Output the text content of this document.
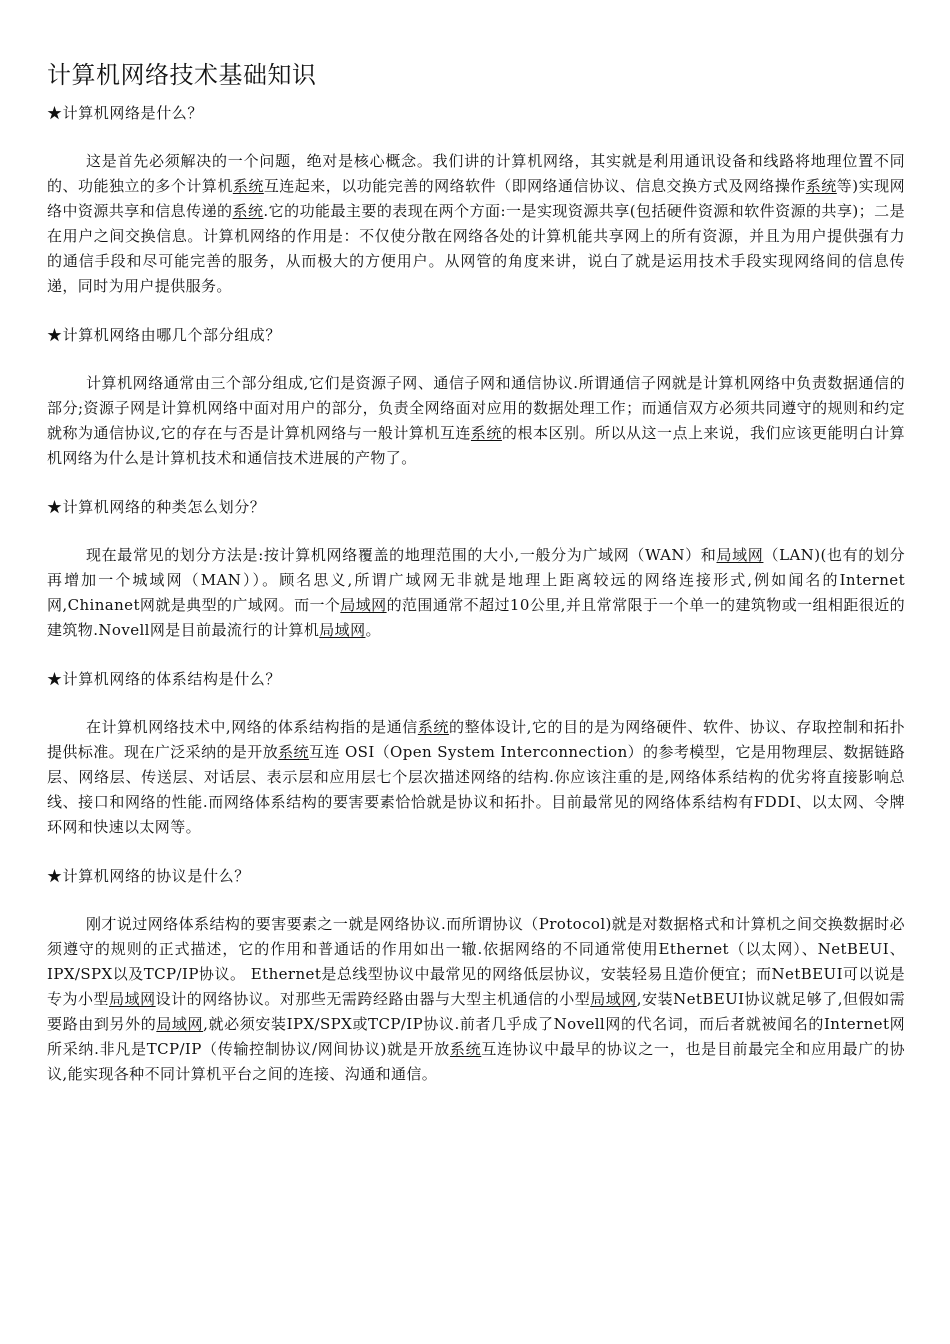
计算机网络技术基础知识

★计算机网络是什么？

这是首先必须解决的一个问题，绝对是核心概念。我们讲的计算机网络，其实就是利用通讯设备和线路将地理位置不同的、功能独立的多个计算机系统互连起来，以功能完善的网络软件（即网络通信协议、信息交换方式及网络操作系统等)实现网络中资源共享和信息传递的系统.它的功能最主要的表现在两个方面:一是实现资源共享(包括硬件资源和软件资源的共享)；二是在用户之间交换信息。计算机网络的作用是：不仅使分散在网络各处的计算机能共享网上的所有资源，并且为用户提供强有力的通信手段和尽可能完善的服务，从而极大的方便用户。从网管的角度来讲，说白了就是运用技术手段实现网络间的信息传递，同时为用户提供服务。

★计算机网络由哪几个部分组成？

计算机网络通常由三个部分组成,它们是资源子网、通信子网和通信协议.所谓通信子网就是计算机网络中负责数据通信的部分;资源子网是计算机网络中面对用户的部分，负责全网络面对应用的数据处理工作；而通信双方必须共同遵守的规则和约定就称为通信协议,它的存在与否是计算机网络与一般计算机互连系统的根本区别。所以从这一点上来说，我们应该更能明白计算机网络为什么是计算机技术和通信技术进展的产物了。

★计算机网络的种类怎么划分？

现在最常见的划分方法是:按计算机网络覆盖的地理范围的大小,一般分为广域网（WAN）和局域网（LAN)(也有的划分再增加一个城域网（MAN））。顾名思义,所谓广域网无非就是地理上距离较远的网络连接形式,例如闻名的Internet网,Chinanet网就是典型的广域网。而一个局域网的范围通常不超过10公里,并且常常限于一个单一的建筑物或一组相距很近的建筑物.Novell网是目前最流行的计算机局域网。

★计算机网络的体系结构是什么？

在计算机网络技术中,网络的体系结构指的是通信系统的整体设计,它的目的是为网络硬件、软件、协议、存取控制和拓扑提供标准。现在广泛采纳的是开放系统互连 OSI（Open System Interconnection）的参考模型，它是用物理层、数据链路层、网络层、传送层、对话层、表示层和应用层七个层次描述网络的结构.你应该注重的是,网络体系结构的优劣将直接影响总线、接口和网络的性能.而网络体系结构的要害要素恰恰就是协议和拓扑。目前最常见的网络体系结构有FDDI、以太网、令牌环网和快速以太网等。

★计算机网络的协议是什么？

刚才说过网络体系结构的要害要素之一就是网络协议.而所谓协议（Protocol)就是对数据格式和计算机之间交换数据时必须遵守的规则的正式描述，它的作用和普通话的作用如出一辙.依据网络的不同通常使用Ethernet（以太网）、NetBEUI、IPX/SPX以及TCP/IP协议。 Ethernet是总线型协议中最常见的网络低层协议，安装轻易且造价便宜；而NetBEUI可以说是专为小型局域网设计的网络协议。对那些无需跨经路由器与大型主机通信的小型局域网,安装NetBEUI协议就足够了,但假如需要路由到另外的局域网,就必须安装IPX/SPX或TCP/IP协议.前者几乎成了Novell网的代名词，而后者就被闻名的Internet网所采纳.非凡是TCP/IP（传输控制协议/网间协议)就是开放系统互连协议中最早的协议之一，也是目前最完全和应用最广的协议,能实现各种不同计算机平台之间的连接、沟通和通信。
